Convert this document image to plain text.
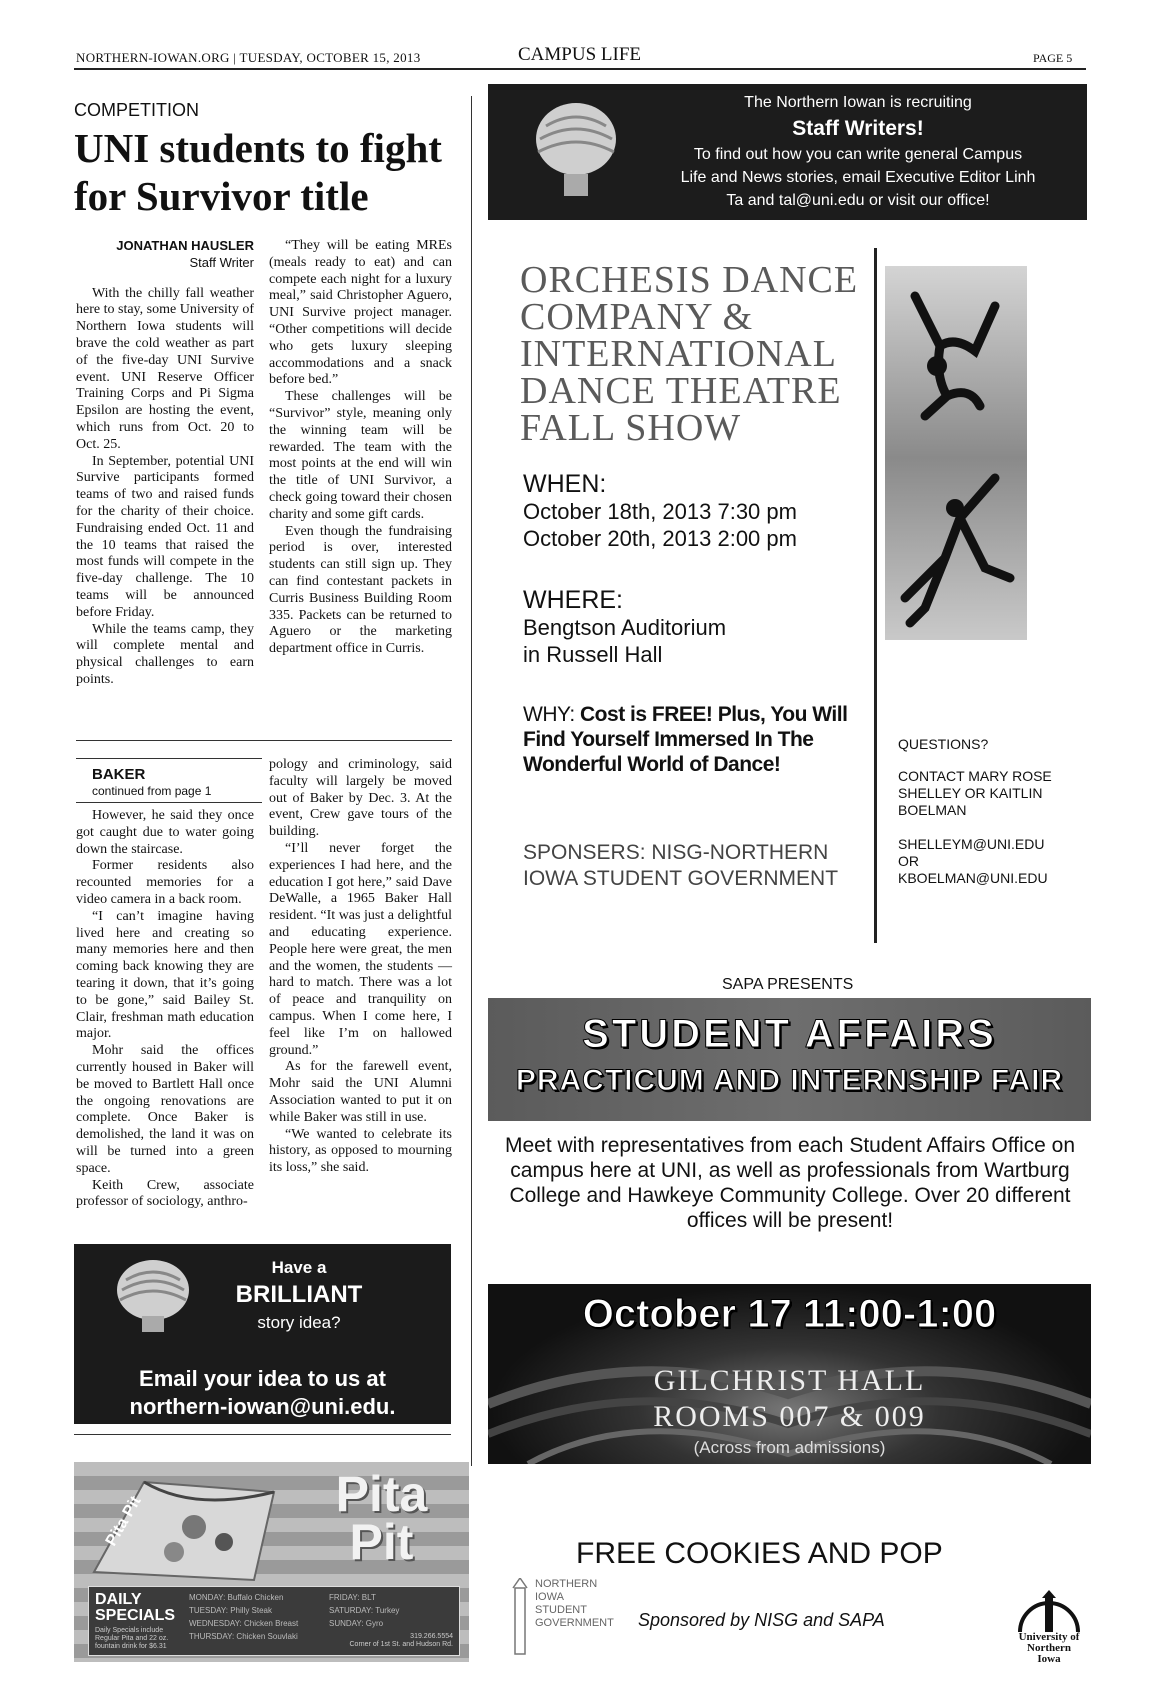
NORTHERN-IOWAN.ORG | TUESDAY, OCTOBER 15, 2013	CAMPUS LIFE	PAGE 5
COMPETITION
UNI students to fight for Survivor title
JONATHAN HAUSLER
Staff Writer

With the chilly fall weather here to stay, some University of Northern Iowa students will brave the cold weather as part of the five-day UNI Survive event. UNI Reserve Officer Training Corps and Pi Sigma Epsilon are hosting the event, which runs from Oct. 20 to Oct. 25.

In September, potential UNI Survive participants formed teams of two and raised funds for the charity of their choice. Fundraising ended Oct. 11 and the 10 teams that raised the most funds will compete in the five-day challenge. The 10 teams will be announced before Friday.

While the teams camp, they will complete mental and physical challenges to earn points.

“They will be eating MREs (meals ready to eat) and can compete each night for a luxury meal,” said Christopher Aguero, UNI Survive project manager. “Other competitions will decide who gets luxury sleeping accommodations and a snack before bed.”

These challenges will be “Survivor” style, meaning only the winning team will be rewarded. The team with the most points at the end will win the title of UNI Survivor, a check going toward their chosen charity and some gift cards.

Even though the fundraising period is over, interested students can still sign up. They can find contestant packets in Curris Business Building Room 335. Packets can be returned to Aguero or the marketing department office in Curris.

BAKER
continued from page 1

However, he said they once got caught due to water going down the staircase.

Former residents also recounted memories for a video camera in a back room.

“I can’t imagine having lived here and creating so many memories here and then coming back knowing they are tearing it down, that it’s going to be gone,” said Bailey St. Clair, freshman math education major.

Mohr said the offices currently housed in Baker will be moved to Bartlett Hall once the ongoing renovations are complete. Once Baker is demolished, the land it was on will be turned into a green space.

Keith Crew, associate professor of sociology, anthro-

pology and criminology, said faculty will largely be moved out of Baker by Dec. 3. At the event, Crew gave tours of the building.

“I’ll never forget the experiences I had here, and the education I got here,” said Dave DeWalle, a 1965 Baker Hall resident. “It was just a delightful and educating experience. People here were great, the men and the women, the students — hard to match. There was a lot of peace and tranquility on campus. When I come here, I feel like I’m on hallowed ground.”

As for the farewell event, Mohr said the UNI Alumni Association wanted to put it on while Baker was still in use.

“We wanted to celebrate its history, as opposed to mourning its loss,” she said.

Have a
BRILLIANT
story idea?
Email your idea to us at
northern-iowan@uni.edu.
Pita Pit	Pita Pit
DAILY
SPECIALS
Daily Specials include Regular Pita and 22 oz. fountain drink for $6.31
MONDAY: Buffalo Chicken
TUESDAY: Philly Steak
WEDNESDAY: Chicken Breast
THURSDAY: Chicken Souvlaki
FRIDAY: BLT
SATURDAY: Turkey
SUNDAY: Gyro
319.266.5554
Corner of 1st St. and Hudson Rd.
The Northern Iowan is recruiting
Staff Writers!
To find out how you can write general Campus
Life and News stories, email Executive Editor Linh
Ta and tal@uni.edu or visit our office!
ORCHESIS DANCE COMPANY & INTERNATIONAL DANCE THEATRE FALL SHOW
WHEN:
October 18th, 2013 7:30 pm
October 20th, 2013 2:00 pm
WHERE:
Bengtson Auditorium
in Russell Hall
WHY: Cost is FREE! Plus, You Will Find Yourself Immersed In The Wonderful World of Dance!
SPONSERS: NISG-NORTHERN IOWA STUDENT GOVERNMENT
QUESTIONS?
CONTACT MARY ROSE SHELLEY OR KAITLIN BOELMAN
SHELLEYM@UNI.EDU
OR
KBOELMAN@UNI.EDU
SAPA PRESENTS
STUDENT AFFAIRS
PRACTICUM AND INTERNSHIP FAIR
Meet with representatives from each Student Affairs Office on campus here at UNI, as well as professionals from Wartburg College and Hawkeye Community College. Over 20 different offices will be present!
October 17 11:00-1:00
GILCHRIST HALL
ROOMS 007 & 009
(Across from admissions)
FREE COOKIES AND POP
Sponsored by NISG and SAPA
NORTHERN IOWA STUDENT GOVERNMENT
University of
Northern
Iowa
